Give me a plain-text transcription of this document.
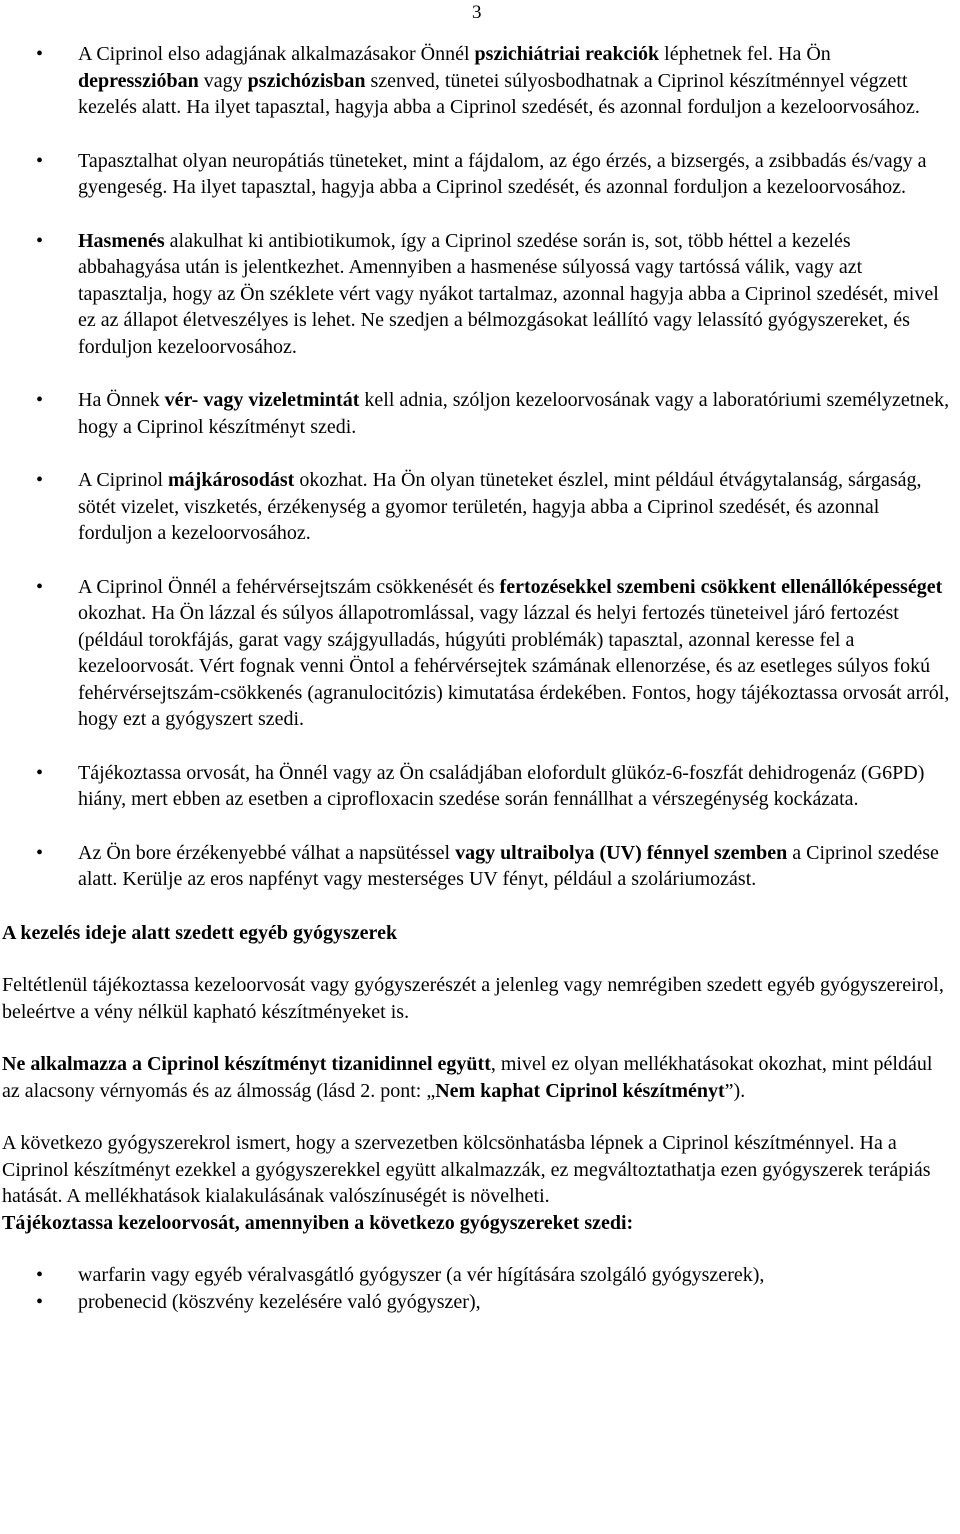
3
• A Ciprinol elso adagjának alkalmazásakor Önnél pszichiátriai reakciók léphetnek fel. Ha Ön depresszióban vagy pszichózisban szenved, tünetei súlyosbodhatnak a Ciprinol készítménnyel végzett kezelés alatt. Ha ilyet tapasztal, hagyja abba a Ciprinol szedését, és azonnal forduljon a kezeloorvosához.
• Tapasztalhat olyan neuropátiás tüneteket, mint a fájdalom, az égo érzés, a bizsergés, a zsibbadás és/vagy a gyengeség. Ha ilyet tapasztal, hagyja abba a Ciprinol szedését, és azonnal forduljon a kezeloorvosához.
• Hasmenés alakulhat ki antibiotikumok, így a Ciprinol szedése során is, sot, több héttel a kezelés abbahagyása után is jelentkezhet. Amennyiben a hasmenése súlyossá vagy tartóssá válik, vagy azt tapasztalja, hogy az Ön széklete vért vagy nyákot tartalmaz, azonnal hagyja abba a Ciprinol szedését, mivel ez az állapot életveszélyes is lehet. Ne szedjen a bélmozgásokat leállító vagy lelassító gyógyszereket, és forduljon kezeloorvosához.
• Ha Önnek vér- vagy vizeletmintát kell adnia, szóljon kezeloorvosának vagy a laboratóriumi személyzetnek, hogy a Ciprinol készítményt szedi.
• A Ciprinol májkárosodást okozhat. Ha Ön olyan tüneteket észlel, mint például étvágytalanság, sárgaság, sötét vizelet, viszketés, érzékenység a gyomor területén, hagyja abba a Ciprinol szedését, és azonnal forduljon a kezeloorvosához.
• A Ciprinol Önnél a fehérvérsejtszám csökkenését és fertozésekkel szembeni csökkent ellenállóképességet okozhat. Ha Ön lázzal és súlyos állapotromlással, vagy lázzal és helyi fertozés tüneteivel járó fertozést (például torokfájás, garat vagy szájgyulladás, húgyúti problémák) tapasztal, azonnal keresse fel a kezeloorvosát. Vért fognak venni Öntol a fehérvérsejtek számának ellenorzése, és az esetleges súlyos fokú fehérvérsejtszám-csökkenés (agranulocitózis) kimutatása érdekében. Fontos, hogy tájékoztassa orvosát arról, hogy ezt a gyógyszert szedi.
• Tájékoztassa orvosát, ha Önnél vagy az Ön családjában elofordult glükóz-6-foszfát dehidrogenáz (G6PD) hiány, mert ebben az esetben a ciprofloxacin szedése során fennállhat a vérszegénység kockázata.
• Az Ön bore érzékenyebbé válhat a napsütéssel vagy ultraibolya (UV) fénnyel szemben a Ciprinol szedése alatt. Kerülje az eros napfényt vagy mesterséges UV fényt, például a szoláriumozást.
A kezelés ideje alatt szedett egyéb gyógyszerek

Feltétlenül tájékoztassa kezeloorvosát vagy gyógyszerészét a jelenleg vagy nemrégiben szedett egyéb gyógyszereirol, beleértve a vény nélkül kapható készítményeket is.

Ne alkalmazza a Ciprinol készítményt tizanidinnel együtt, mivel ez olyan mellékhatásokat okozhat, mint például az alacsony vérnyomás és az álmosság (lásd 2. pont: „Nem kaphat Ciprinol készítményt”).

A következo gyógyszerekrol ismert, hogy a szervezetben kölcsönhatásba lépnek a Ciprinol készítménnyel. Ha a Ciprinol készítményt ezekkel a gyógyszerekkel együtt alkalmazzák, ez megváltoztathatja ezen gyógyszerek terápiás hatását. A mellékhatások kialakulásának valószínuségét is növelheti.

Tájékoztassa kezeloorvosát, amennyiben a következo gyógyszereket szedi:
• warfarin vagy egyéb véralvasgátló gyógyszer (a vér hígítására szolgáló gyógyszerek),
• probenecid (köszvény kezelésére való gyógyszer),
